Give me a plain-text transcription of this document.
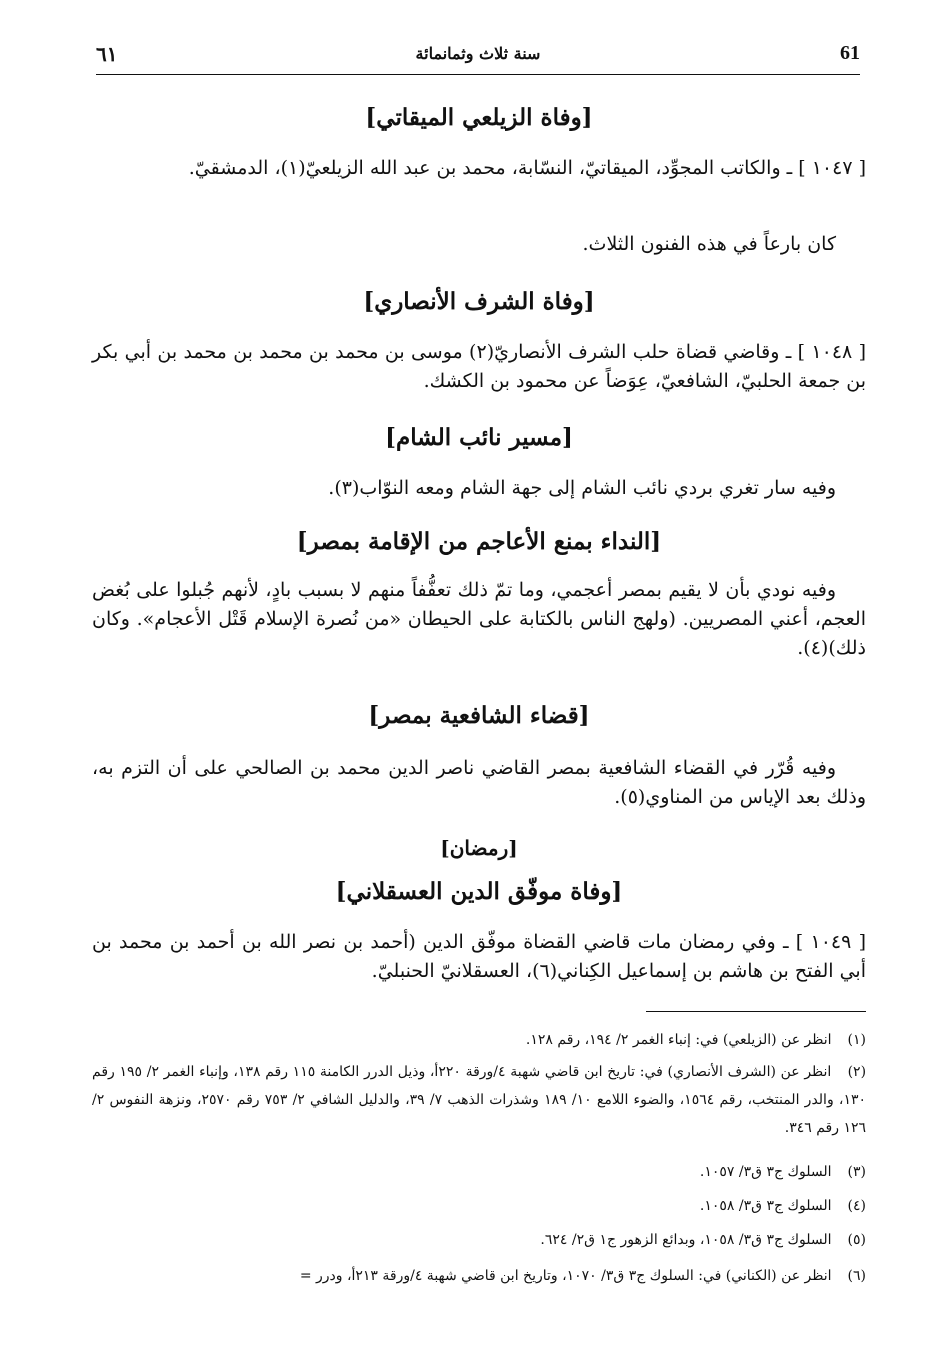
٦١	سنة ثلاث وثمانمائة	61
[وفاة الزيلعي الميقاتي]
[ ١٠٤٧ ] ـ والكاتب المجوِّد، الميقاتيّ، النسّابة، محمد بن عبد الله الزيلعيّ(١)، الدمشقيّ.
كان بارعاً في هذه الفنون الثلاث.
[وفاة الشرف الأنصاري]
[ ١٠٤٨ ] ـ وقاضي قضاة حلب الشرف الأنصاريّ(٢) موسى بن محمد بن محمد بن محمد بن أبي بكر بن جمعة الحلبيّ، الشافعيّ، عِوَضاً عن محمود بن الكشك.
[مسير نائب الشام]
وفيه سار تغري بردي نائب الشام إلى جهة الشام ومعه النوّاب(٣).
[النداء بمنع الأعاجم من الإقامة بمصر]
وفيه نودي بأن لا يقيم بمصر أعجمي، وما تمّ ذلك تعفُّفاً منهم لا بسبب بادٍ، لأنهم جُبلوا على بُغض العجم، أعني المصريين. (ولهج الناس بالكتابة على الحيطان «من نُصرة الإسلام قَتْل الأعجام». وكان ذلك)(٤).
[قضاء الشافعية بمصر]
وفيه قُرّر في القضاء الشافعية بمصر القاضي ناصر الدين محمد بن الصالحي على أن التزم به، وذلك بعد الإياس من المناوي(٥).
[رمضان]
[وفاة موفّق الدين العسقلاني]
[ ١٠٤٩ ] ـ وفي رمضان مات قاضي القضاة موفّق الدين (أحمد بن نصر الله بن أحمد بن محمد بن أبي الفتح بن هاشم بن إسماعيل الكِناني(٦)، العسقلانيّ الحنبليّ.
(١) انظر عن (الزيلعي) في: إنباء الغمر ٢/ ١٩٤، رقم ١٢٨.
(٢) انظر عن (الشرف الأنصاري) في: تاريخ ابن قاضي شهبة ٤/ورقة ٢٢٠أ، وذيل الدرر الكامنة ١١٥ رقم ١٣٨، وإنباء الغمر ٢/ ١٩٥ رقم ١٣٠، والدر المنتخب، رقم ١٥٦٤، والضوء اللامع ١٠/ ١٨٩ وشذرات الذهب ٧/ ٣٩، والدليل الشافي ٢/ ٧٥٣ رقم ٢٥٧٠، ونزهة النفوس ٢/ ١٢٦ رقم ٣٤٦.
(٣) السلوك ج٣ ق٣/ ١٠٥٧.
(٤) السلوك ج٣ ق٣/ ١٠٥٨.
(٥) السلوك ج٣ ق٣/ ١٠٥٨، وبدائع الزهور ج١ ق٢/ ٦٢٤.
(٦) انظر عن (الكناني) في: السلوك ج٣ ق٣/ ١٠٧٠، وتاريخ ابن قاضي شهبة ٤/ورقة ٢١٣أ، ودرر =
